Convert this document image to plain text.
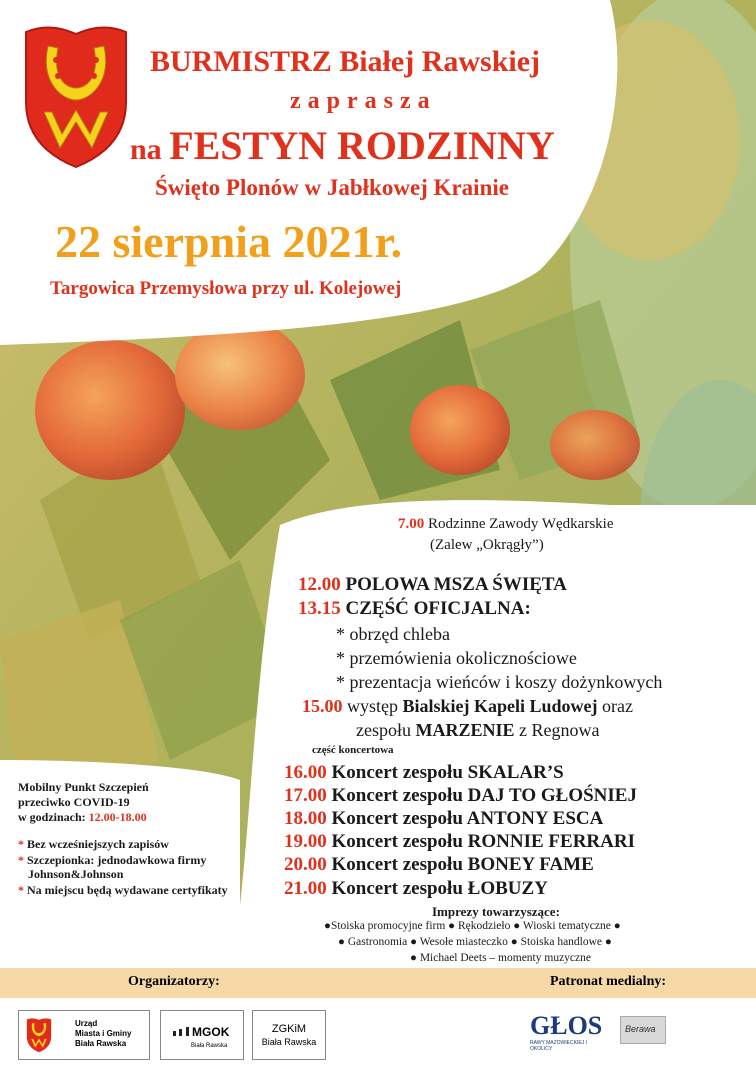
BURMISTRZ Białej Rawskiej
zaprasza
na FESTYN RODZINNY
Święto Plonów w Jabłkowej Krainie
22 sierpnia 2021r.
Targowica Przemysłowa przy ul. Kolejowej
7.00 Rodzinne Zawody Wędkarskie
(Zalew „Okrągły”)
12.00 POLOWA MSZA ŚWIĘTA
13.15 CZĘŚĆ OFICJALNA:
* obrzęd chleba
* przemówienia okolicznościowe
* prezentacja wieńców i koszy dożynkowych
15.00 występ Bialskiej Kapeli Ludowej oraz
zespołu MARZENIE z Regnowa
część koncertowa
16.00 Koncert zespołu SKALAR’S
17.00 Koncert zespołu DAJ TO GŁOŚNIEJ
18.00 Koncert zespołu ANTONY ESCA
19.00 Koncert zespołu RONNIE FERRARI
20.00 Koncert zespołu BONEY FAME
21.00 Koncert zespołu ŁOBUZY
Imprezy towarzyszące:
●Stoiska promocyjne firm ● Rękodzieło ● Wioski tematyczne ●
● Gastronomia ● Wesołe miasteczko ● Stoiska handlowe ●
● Michael Deets – momenty muzyczne
Mobilny Punkt Szczepień
przeciwko COVID-19
w godzinach: 12.00-18.00
* Bez wcześniejszych zapisów
* Szczepionka: jednodawkowa firmy Johnson&Johnson
* Na miejscu będą wydawane certyfikaty
Organizatorzy:	Patronat medialny:
Urząd
Miasta i Gminy
Biała Rawska
MGOK
Biała Rawska
ZGKiM
Biała Rawska
GŁOS
RAWY MAZOWIECKIEJ I OKOLICY
Berawa
